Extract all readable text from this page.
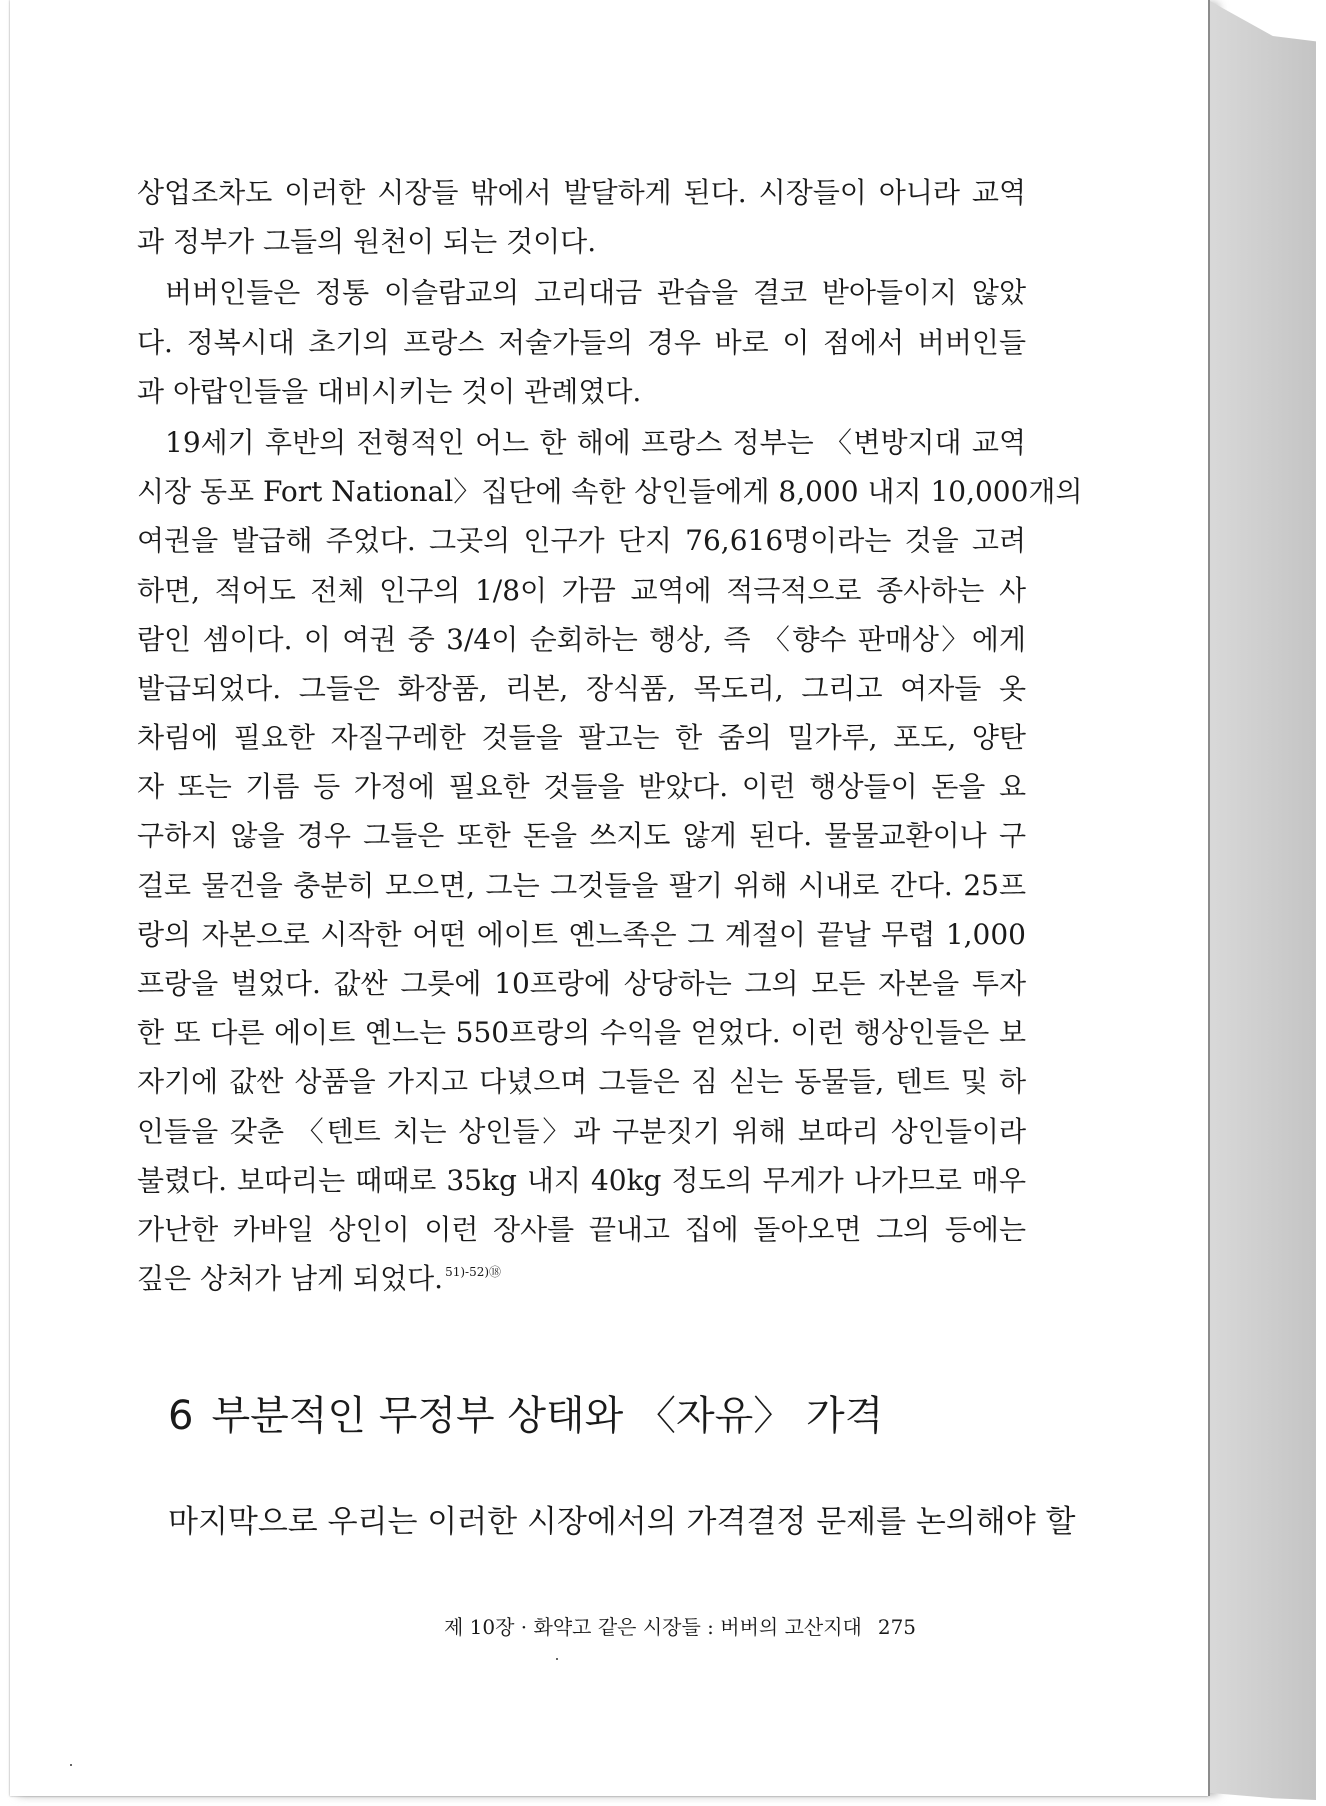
상업조차도 이러한 시장들 밖에서 발달하게 된다. 시장들이 아니라 교역
과 정부가 그들의 원천이 되는 것이다.
버버인들은 정통 이슬람교의 고리대금 관습을 결코 받아들이지 않았
다. 정복시대 초기의 프랑스 저술가들의 경우 바로 이 점에서 버버인들
과 아랍인들을 대비시키는 것이 관례였다.
19세기 후반의 전형적인 어느 한 해에 프랑스 정부는 〈변방지대 교역
시장 동포 Fort National〉집단에 속한 상인들에게 8,000 내지 10,000개의
여권을 발급해 주었다. 그곳의 인구가 단지 76,616명이라는 것을 고려
하면, 적어도 전체 인구의 1/8이 가끔 교역에 적극적으로 종사하는 사
람인 셈이다. 이 여권 중 3/4이 순회하는 행상, 즉 〈향수 판매상〉에게
발급되었다. 그들은 화장품, 리본, 장식품, 목도리, 그리고 여자들 옷
차림에 필요한 자질구레한 것들을 팔고는 한 줌의 밀가루, 포도, 양탄
자 또는 기름 등 가정에 필요한 것들을 받았다. 이런 행상들이 돈을 요
구하지 않을 경우 그들은 또한 돈을 쓰지도 않게 된다. 물물교환이나 구
걸로 물건을 충분히 모으면, 그는 그것들을 팔기 위해 시내로 간다. 25프
랑의 자본으로 시작한 어떤 에이트 옌느족은 그 계절이 끝날 무렵 1,000
프랑을 벌었다. 값싼 그릇에 10프랑에 상당하는 그의 모든 자본을 투자
한 또 다른 에이트 옌느는 550프랑의 수익을 얻었다. 이런 행상인들은 보
자기에 값싼 상품을 가지고 다녔으며 그들은 짐 싣는 동물들, 텐트 및 하
인들을 갖춘 〈텐트 치는 상인들〉과 구분짓기 위해 보따리 상인들이라
불렸다. 보따리는 때때로 35kg 내지 40kg 정도의 무게가 나가므로 매우
가난한 카바일 상인이 이런 장사를 끝내고 집에 돌아오면 그의 등에는
깊은 상처가 남게 되었다. $^{51)-52)⑱}$
6 부분적인 무정부 상태와 〈자유〉 가격
마지막으로 우리는 이러한 시장에서의 가격결정 문제를 논의해야 할
제 10장 · 화약고 같은 시장들 : 버버의 고산지대 275
